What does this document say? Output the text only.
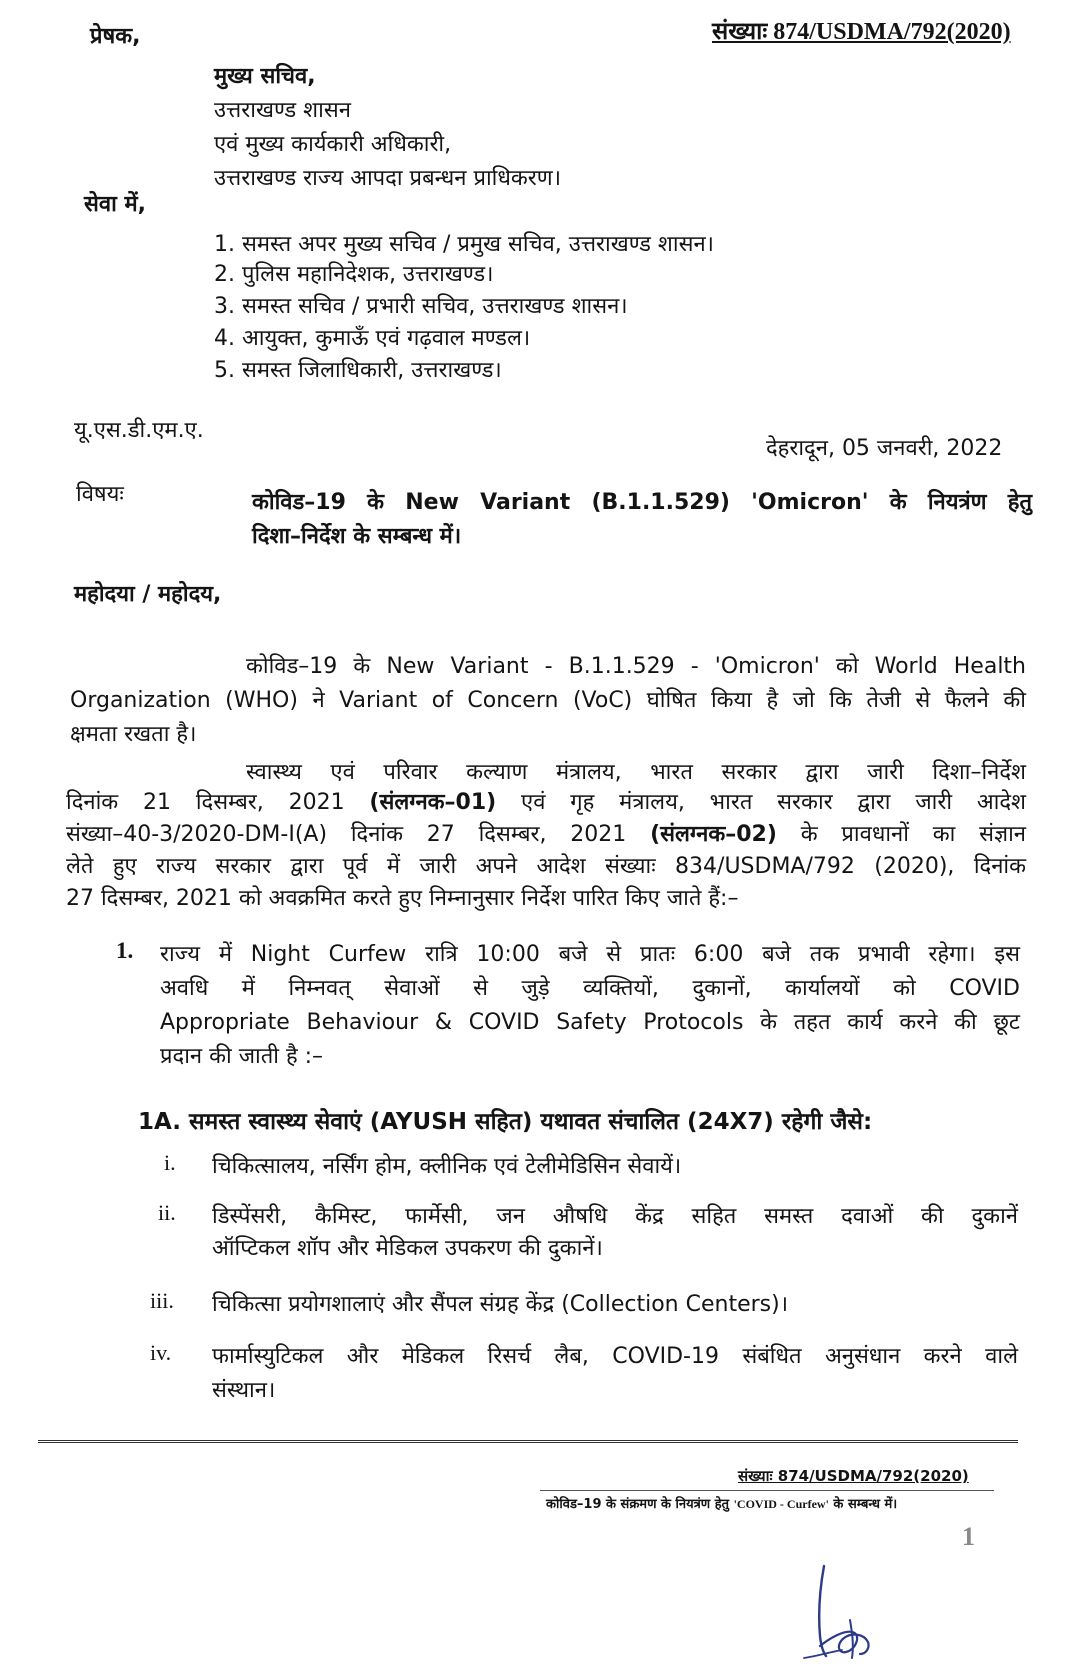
संख्याः 874/USDMA/792(2020)
प्रेषक,
मुख्य सचिव,
उत्तराखण्ड शासन
एवं मुख्य कार्यकारी अधिकारी,
उत्तराखण्ड राज्य आपदा प्रबन्धन प्राधिकरण।
सेवा में,
1. समस्त अपर मुख्य सचिव / प्रमुख सचिव, उत्तराखण्ड शासन।
2. पुलिस महानिदेशक, उत्तराखण्ड।
3. समस्त सचिव / प्रभारी सचिव, उत्तराखण्ड शासन।
4. आयुक्त, कुमाऊँ एवं गढ़वाल मण्डल।
5. समस्त जिलाधिकारी, उत्तराखण्ड।
यू.एस.डी.एम.ए.
देहरादून, 05 जनवरी, 2022
विषयः	कोविड–19 के New Variant (B.1.1.529) 'Omicron' के नियत्रंण हेतु
दिशा–निर्देश के सम्बन्ध में।
महोदया / महोदय,
कोविड–19 के New Variant - B.1.1.529 - 'Omicron' को World Health
Organization (WHO) ने Variant of Concern (VoC) घोषित किया है जो कि तेजी से फैलने की
क्षमता रखता है।
स्वास्थ्य एवं परिवार कल्याण मंत्रालय, भारत सरकार द्वारा जारी दिशा–निर्देश
दिनांक 21 दिसम्बर, 2021 (संलग्नक–01) एवं गृह मंत्रालय, भारत सरकार द्वारा जारी आदेश
संख्या–40-3/2020-DM-I(A) दिनांक 27 दिसम्बर, 2021 (संलग्नक–02) के प्रावधानों का संज्ञान
लेते हुए राज्य सरकार द्वारा पूर्व में जारी अपने आदेश संख्याः 834/USDMA/792 (2020), दिनांक
27 दिसम्बर, 2021 को अवक्रमित करते हुए निम्नानुसार निर्देश पारित किए जाते हैं:–
1. राज्य में Night Curfew रात्रि 10:00 बजे से प्रातः 6:00 बजे तक प्रभावी रहेगा। इस
अवधि में निम्नवत् सेवाओं से जुड़े व्यक्तियों, दुकानों, कार्यालयों को COVID
Appropriate Behaviour & COVID Safety Protocols के तहत कार्य करने की छूट
प्रदान की जाती है :–
1A. समस्त स्वास्थ्य सेवाएं (AYUSH सहित) यथावत संचालित (24X7) रहेगी जैसे:
i. चिकित्सालय, नर्सिंग होम, क्लीनिक एवं टेलीमेडिसिन सेवायें।
ii. डिस्पेंसरी, कैमिस्ट, फार्मेसी, जन औषधि केंद्र सहित समस्त दवाओं की दुकानें
ऑप्टिकल शॉप और मेडिकल उपकरण की दुकानें।
iii. चिकित्सा प्रयोगशालाएं और सैंपल संग्रह केंद्र (Collection Centers)।
iv. फार्मास्युटिकल और मेडिकल रिसर्च लैब, COVID-19 संबंधित अनुसंधान करने वाले
संस्थान।
संख्याः 874/USDMA/792(2020)
कोविड–19 के संक्रमण के नियत्रंण हेतु 'COVID - Curfew' के सम्बन्ध में।
1
